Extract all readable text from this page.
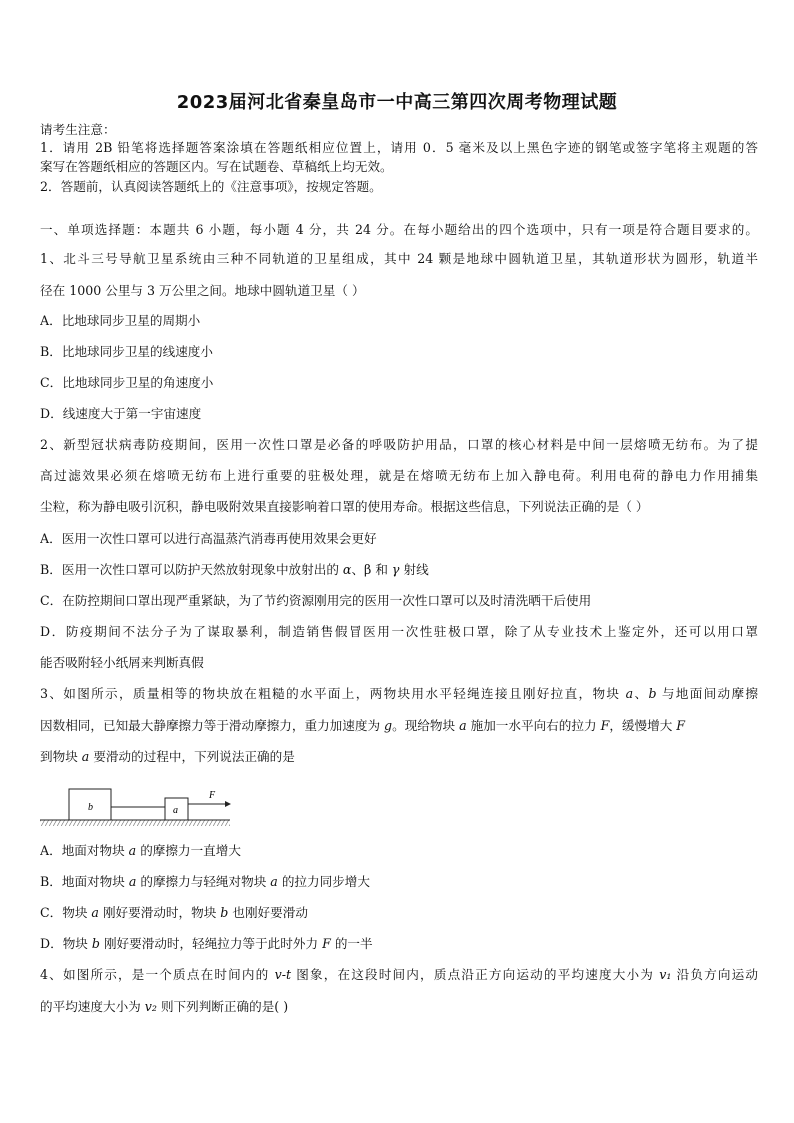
2023届河北省秦皇岛市一中高三第四次周考物理试题
请考生注意：
1．请用 2B 铅笔将选择题答案涂填在答题纸相应位置上，请用 0．5 毫米及以上黑色字迹的钢笔或签字笔将主观题的答
案写在答题纸相应的答题区内。写在试题卷、草稿纸上均无效。
2．答题前，认真阅读答题纸上的《注意事项》，按规定答题。
一、单项选择题：本题共 6 小题，每小题 4 分，共 24 分。在每小题给出的四个选项中，只有一项是符合题目要求的。
1、北斗三号导航卫星系统由三种不同轨道的卫星组成，其中 24 颗是地球中圆轨道卫星，其轨道形状为圆形，轨道半
径在 1000 公里与 3 万公里之间。地球中圆轨道卫星（ ）
A．比地球同步卫星的周期小
B．比地球同步卫星的线速度小
C．比地球同步卫星的角速度小
D．线速度大于第一宇宙速度
2、新型冠状病毒防疫期间，医用一次性口罩是必备的呼吸防护用品，口罩的核心材料是中间一层熔喷无纺布。为了提
高过滤效果必须在熔喷无纺布上进行重要的驻极处理，就是在熔喷无纺布上加入静电荷。利用电荷的静电力作用捕集
尘粒，称为静电吸引沉积，静电吸附效果直接影响着口罩的使用寿命。根据这些信息，下列说法正确的是（ ）
A．医用一次性口罩可以进行高温蒸汽消毒再使用效果会更好
B．医用一次性口罩可以防护天然放射现象中放射出的 α、β 和 γ 射线
C．在防控期间口罩出现严重紧缺，为了节约资源刚用完的医用一次性口罩可以及时清洗晒干后使用
D．防疫期间不法分子为了谋取暴利，制造销售假冒医用一次性驻极口罩，除了从专业技术上鉴定外，还可以用口罩
能否吸附轻小纸屑来判断真假
3、如图所示，质量相等的物块放在粗糙的水平面上，两物块用水平轻绳连接且刚好拉直，物块 a、b 与地面间动摩擦
因数相同，已知最大静摩擦力等于滑动摩擦力，重力加速度为 g。现给物块 a 施加一水平向右的拉力 F，缓慢增大 F
到物块 a 要滑动的过程中，下列说法正确的是
b	a
F
A．地面对物块 a 的摩擦力一直增大
B．地面对物块 a 的摩擦力与轻绳对物块 a 的拉力同步增大
C．物块 a 刚好要滑动时，物块 b 也刚好要滑动
D．物块 b 刚好要滑动时，轻绳拉力等于此时外力 F 的一半
4、如图所示，是一个质点在时间内的 v-t 图象，在这段时间内，质点沿正方向运动的平均速度大小为 v₁ 沿负方向运动
的平均速度大小为 v₂ 则下列判断正确的是( )
